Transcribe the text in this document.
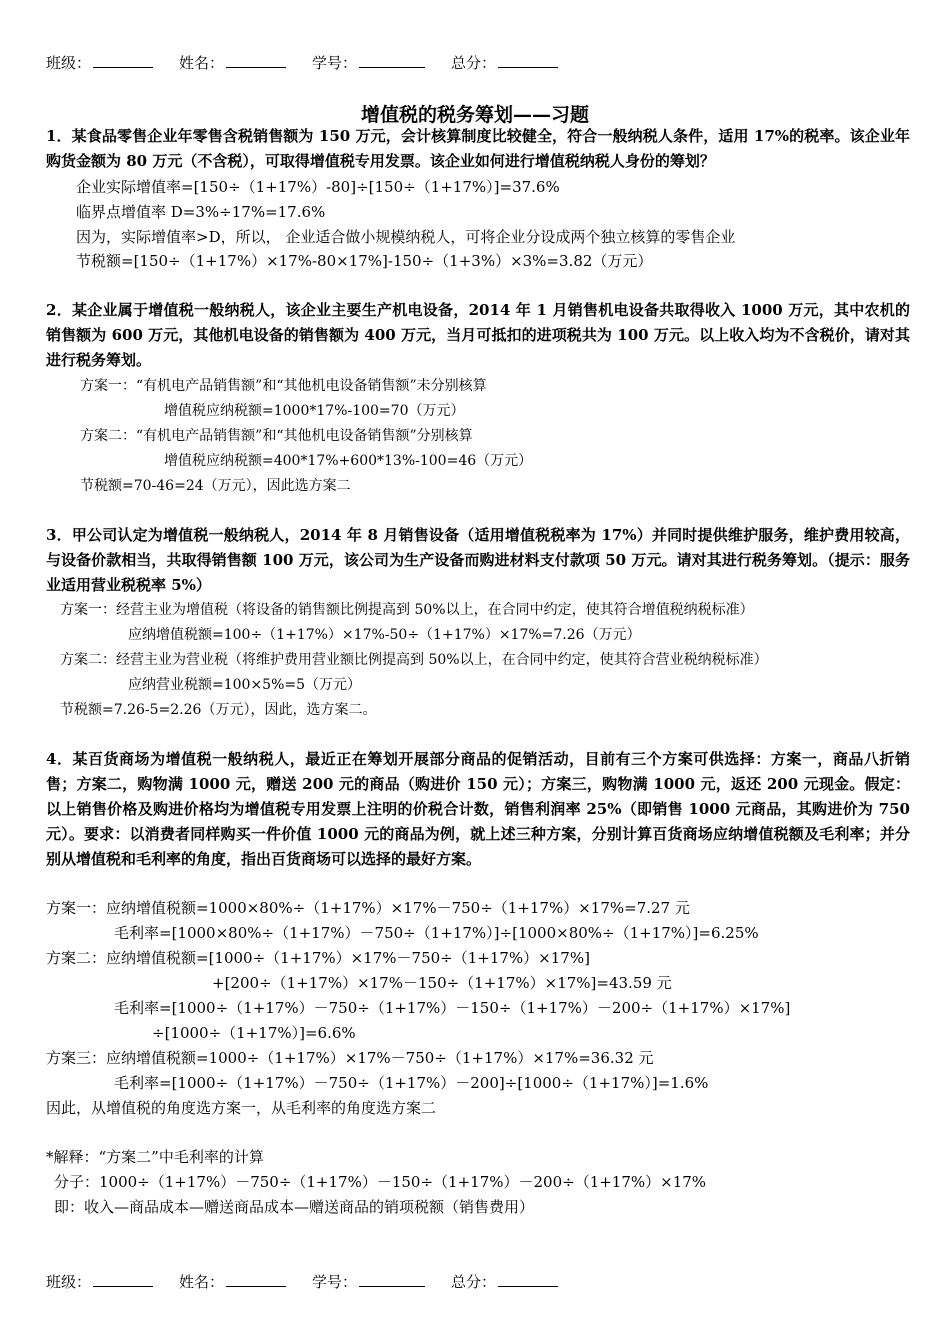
班级：	姓名：	学号：	总分：
增值税的税务筹划——习题
1．某食品零售企业年零售含税销售额为 150 万元，会计核算制度比较健全，符合一般纳税人条件，适用 17%的税率。该企业年购货金额为 80 万元（不含税），可取得增值税专用发票。该企业如何进行增值税纳税人身份的筹划？
企业实际增值率=[150÷（1+17%）-80]÷[150÷（1+17%）]=37.6%
临界点增值率 D=3%÷17%=17.6%
因为，实际增值率>D，所以， 企业适合做小规模纳税人，可将企业分设成两个独立核算的零售企业
节税额=[150÷（1+17%）×17%-80×17%]-150÷（1+3%）×3%=3.82（万元）
2．某企业属于增值税一般纳税人，该企业主要生产机电设备，2014 年 1 月销售机电设备共取得收入 1000 万元，其中农机的销售额为 600 万元，其他机电设备的销售额为 400 万元，当月可抵扣的进项税共为 100 万元。以上收入均为不含税价，请对其进行税务筹划。
方案一：“有机电产品销售额”和“其他机电设备销售额”未分别核算
增值税应纳税额=1000*17%-100=70（万元）
方案二：“有机电产品销售额”和“其他机电设备销售额”分别核算
增值税应纳税额=400*17%+600*13%-100=46（万元）
节税额=70-46=24（万元），因此选方案二
3．甲公司认定为增值税一般纳税人，2014 年 8 月销售设备（适用增值税税率为 17%）并同时提供维护服务，维护费用较高，与设备价款相当，共取得销售额 100 万元，该公司为生产设备而购进材料支付款项 50 万元。请对其进行税务筹划。（提示：服务业适用营业税税率 5%）
方案一：经营主业为增值税（将设备的销售额比例提高到 50%以上，在合同中约定，使其符合增值税纳税标准）
应纳增值税额=100÷（1+17%）×17%-50÷（1+17%）×17%=7.26（万元）
方案二：经营主业为营业税（将维护费用营业额比例提高到 50%以上，在合同中约定，使其符合营业税纳税标准）
应纳营业税额=100×5%=5（万元）
节税额=7.26-5=2.26（万元），因此，选方案二。
4．某百货商场为增值税一般纳税人，最近正在筹划开展部分商品的促销活动，目前有三个方案可供选择：方案一，商品八折销售；方案二，购物满 1000 元，赠送 200 元的商品（购进价 150 元）；方案三，购物满 1000 元，返还 200 元现金。假定：以上销售价格及购进价格均为增值税专用发票上注明的价税合计数，销售利润率 25%（即销售 1000 元商品，其购进价为 750 元）。要求：以消费者同样购买一件价值 1000 元的商品为例，就上述三种方案，分别计算百货商场应纳增值税额及毛利率；并分别从增值税和毛利率的角度，指出百货商场可以选择的最好方案。
方案一：应纳增值税额=1000×80%÷（1+17%）×17%－750÷（1+17%）×17%=7.27 元
毛利率=[1000×80%÷（1+17%）－750÷（1+17%）]÷[1000×80%÷（1+17%）]=6.25%
方案二：应纳增值税额=[1000÷（1+17%）×17%－750÷（1+17%）×17%]
+[200÷（1+17%）×17%－150÷（1+17%）×17%]=43.59 元
毛利率=[1000÷（1+17%）－750÷（1+17%）－150÷（1+17%）－200÷（1+17%）×17%]
÷[1000÷（1+17%）]=6.6%
方案三：应纳增值税额=1000÷（1+17%）×17%－750÷（1+17%）×17%=36.32 元
毛利率=[1000÷（1+17%）－750÷（1+17%）－200]÷[1000÷（1+17%）]=1.6%
因此，从增值税的角度选方案一，从毛利率的角度选方案二
*解释：“方案二”中毛利率的计算
分子：1000÷（1+17%）－750÷（1+17%）－150÷（1+17%）－200÷（1+17%）×17%
即：收入—商品成本—赠送商品成本—赠送商品的销项税额（销售费用）
班级：	姓名：	学号：	总分：
